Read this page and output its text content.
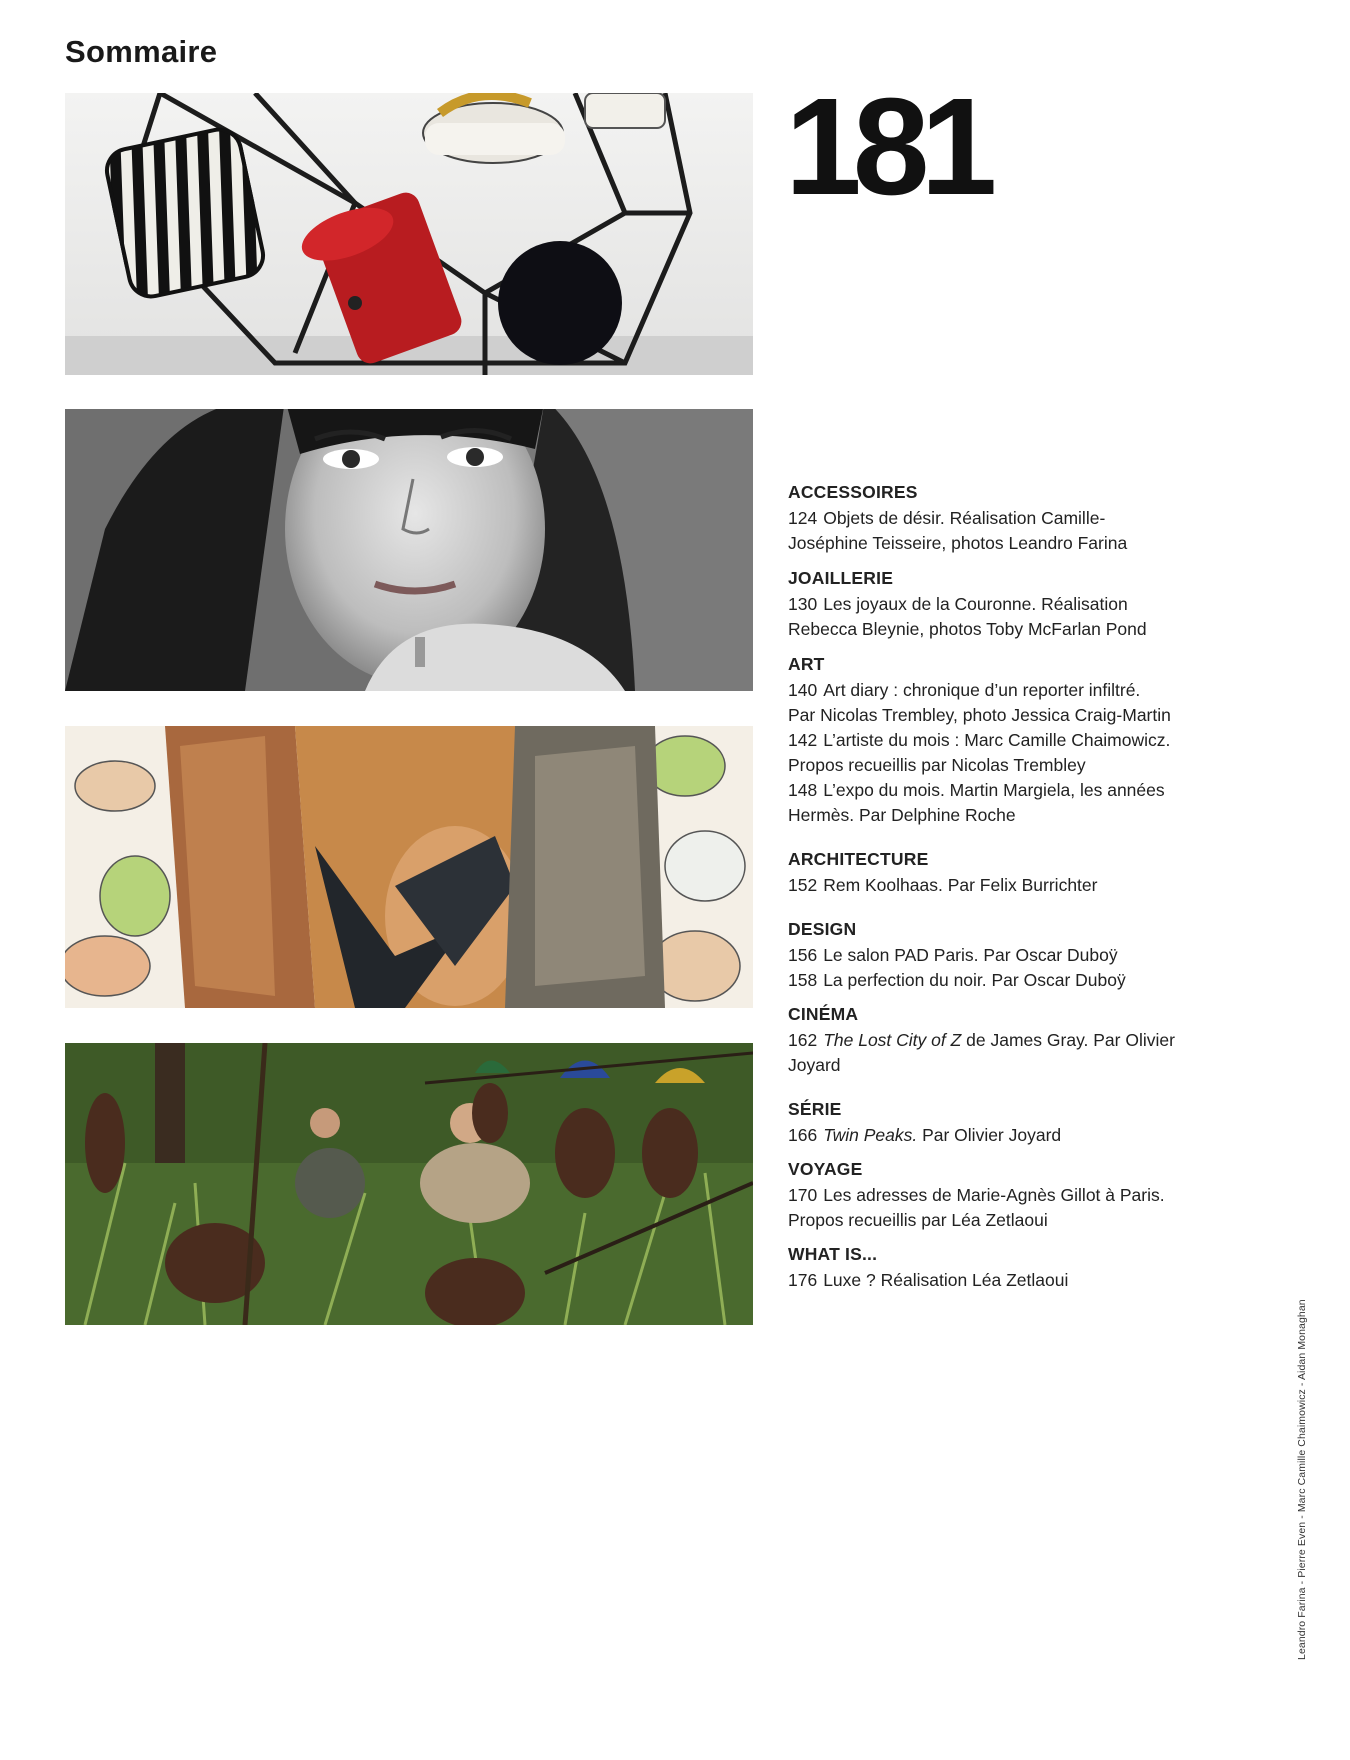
Sommaire
181
ACCESSOIRES
124 Objets de désir. Réalisation Camille-
Joséphine Teisseire, photos Leandro Farina
JOAILLERIE
130 Les joyaux de la Couronne. Réalisation
Rebecca Bleynie, photos Toby McFarlan Pond
ART
140 Art diary : chronique d’un reporter infiltré.
Par Nicolas Trembley, photo Jessica Craig-Martin
142 L’artiste du mois : Marc Camille Chaimowicz.
Propos recueillis par Nicolas Trembley
148 L’expo du mois. Martin Margiela, les années
Hermès. Par Delphine Roche
ARCHITECTURE
152 Rem Koolhaas. Par Felix Burrichter
DESIGN
156 Le salon PAD Paris. Par Oscar Duboÿ
158 La perfection du noir. Par Oscar Duboÿ
CINÉMA
162 The Lost City of Z de James Gray. Par Olivier
Joyard
SÉRIE
166 Twin Peaks. Par Olivier Joyard
VOYAGE
170 Les adresses de Marie-Agnès Gillot à Paris.
Propos recueillis par Léa Zetlaoui
WHAT IS...
176 Luxe ? Réalisation Léa Zetlaoui
Leandro Farina - Pierre Even - Marc Camille Chaimowicz - Aidan Monaghan
